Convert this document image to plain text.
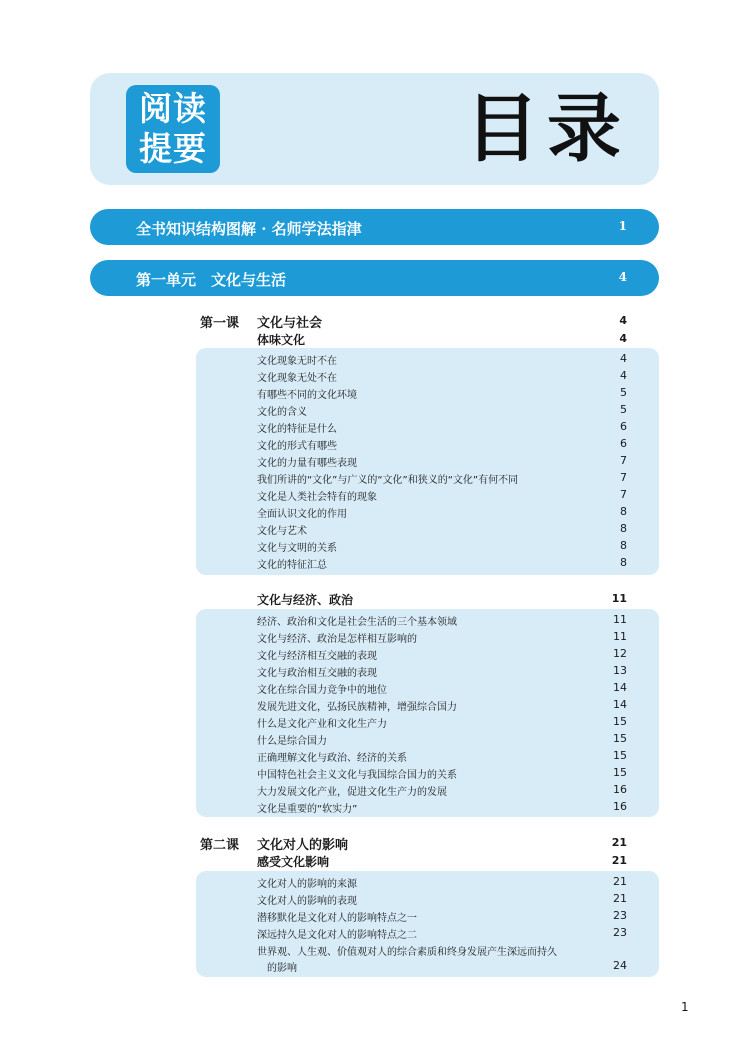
阅读
提要	目录
全书知识结构图解 · 名师学法指津	1
第一单元　文化与生活	4
第一课 文化与社会	4
体味文化	4
文化现象无时不在	4
文化现象无处不在	4
有哪些不同的文化环境	5
文化的含义	5
文化的特征是什么	6
文化的形式有哪些	6
文化的力量有哪些表现	7
我们所讲的“文化”与广义的“文化”和狭义的“文化”有何不同	7
文化是人类社会特有的现象	7
全面认识文化的作用	8
文化与艺术	8
文化与文明的关系	8
文化的特征汇总	8
文化与经济、政治	11
经济、政治和文化是社会生活的三个基本领域	11
文化与经济、政治是怎样相互影响的	11
文化与经济相互交融的表现	12
文化与政治相互交融的表现	13
文化在综合国力竞争中的地位	14
发展先进文化，弘扬民族精神，增强综合国力	14
什么是文化产业和文化生产力	15
什么是综合国力	15
正确理解文化与政治、经济的关系	15
中国特色社会主义文化与我国综合国力的关系	15
大力发展文化产业，促进文化生产力的发展	16
文化是重要的“软实力”	16
第二课 文化对人的影响	21
感受文化影响	21
文化对人的影响的来源	21
文化对人的影响的表现	21
潜移默化是文化对人的影响特点之一	23
深远持久是文化对人的影响特点之二	23
世界观、人生观、价值观对人的综合素质和终身发展产生深远而持久
的影响	24
1
